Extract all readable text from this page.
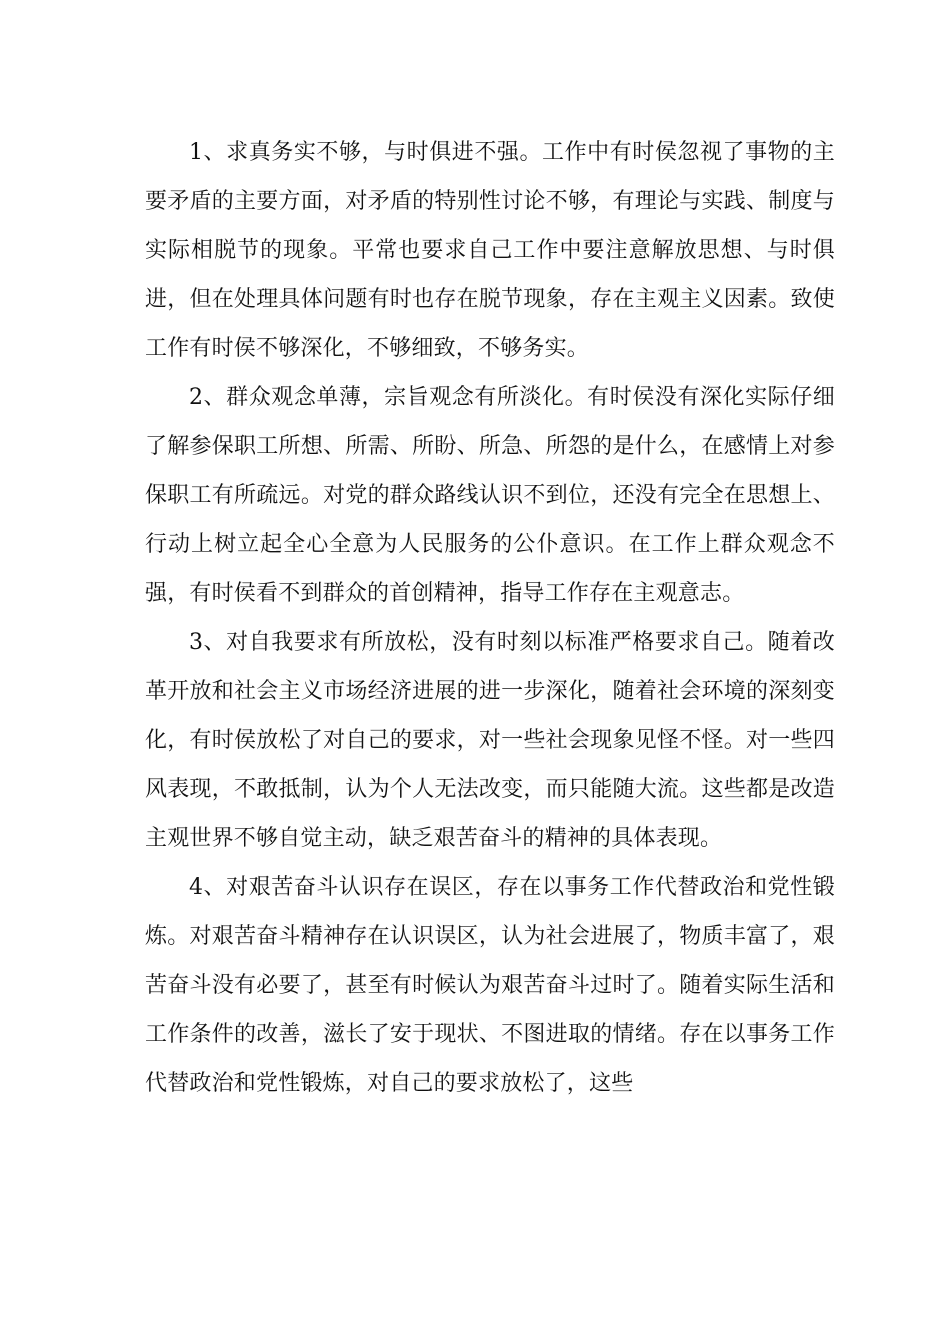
1、求真务实不够，与时俱进不强。工作中有时侯忽视了事物的主要矛盾的主要方面，对矛盾的特别性讨论不够，有理论与实践、制度与实际相脱节的现象。平常也要求自己工作中要注意解放思想、与时俱进，但在处理具体问题有时也存在脱节现象，存在主观主义因素。致使工作有时侯不够深化，不够细致，不够务实。

2、群众观念单薄，宗旨观念有所淡化。有时侯没有深化实际仔细了解参保职工所想、所需、所盼、所急、所怨的是什么，在感情上对参保职工有所疏远。对党的群众路线认识不到位，还没有完全在思想上、行动上树立起全心全意为人民服务的公仆意识。在工作上群众观念不强，有时侯看不到群众的首创精神，指导工作存在主观意志。

3、对自我要求有所放松，没有时刻以标准严格要求自己。随着改革开放和社会主义市场经济进展的进一步深化，随着社会环境的深刻变化，有时侯放松了对自己的要求，对一些社会现象见怪不怪。对一些四风表现，不敢抵制，认为个人无法改变，而只能随大流。这些都是改造主观世界不够自觉主动，缺乏艰苦奋斗的精神的具体表现。

4、对艰苦奋斗认识存在误区，存在以事务工作代替政治和党性锻炼。对艰苦奋斗精神存在认识误区，认为社会进展了，物质丰富了，艰苦奋斗没有必要了，甚至有时候认为艰苦奋斗过时了。随着实际生活和工作条件的改善，滋长了安于现状、不图进取的情绪。存在以事务工作代替政治和党性锻炼，对自己的要求放松了，这些
